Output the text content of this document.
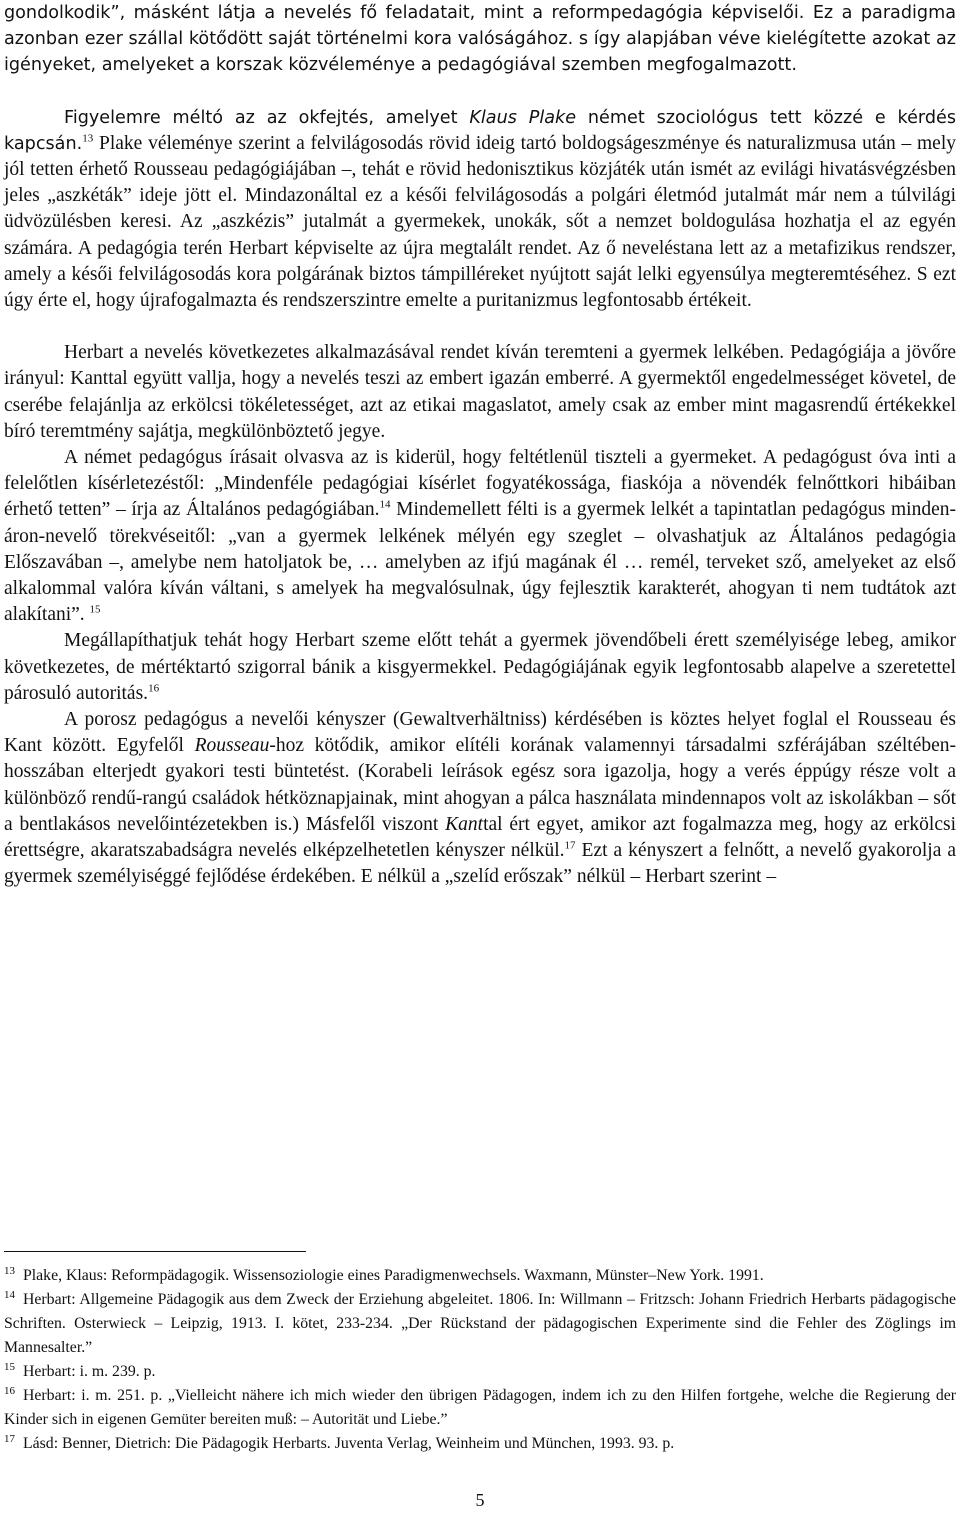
gondolkodik”, másként látja a nevelés fő feladatait, mint a reformpedagógia képviselői. Ez a paradigma azonban ezer szállal kötődött saját történelmi kora valóságához. s így alapjában véve kielégítette azokat az igényeket, amelyeket a korszak közvéleménye a pedagógiával szemben megfogalmazott.

Figyelemre méltó az az okfejtés, amelyet Klaus Plake német szociológus tett közzé e kérdés kapcsán.$^{13}$ Plake véleménye szerint a felvilágosodás rövid ideig tartó boldogságeszménye és naturalizmusa után – mely jól tetten érhető Rousseau pedagógiájában –, tehát e rövid hedonisztikus közjáték után ismét az evilági hivatásvégzésben jeles „aszkéták” ideje jött el. Mindazonáltal ez a késői felvilágosodás a polgári életmód jutalmát már nem a túlvilági üdvözülésben keresi. Az „aszkézis” jutalmát a gyermekek, unokák, sőt a nemzet boldogulása hozhatja el az egyén számára. A pedagógia terén Herbart képviselte az újra megtalált rendet. Az ő neveléstana lett az a metafizikus rendszer, amely a késői felvilágosodás kora polgárának biztos támpilléreket nyújtott saját lelki egyensúlya megteremtéséhez. S ezt úgy érte el, hogy újrafogalmazta és rendszerszintre emelte a puritanizmus legfontosabb értékeit.

Herbart a nevelés következetes alkalmazásával rendet kíván teremteni a gyermek lelkében. Pedagógiája a jövőre irányul: Kanttal együtt vallja, hogy a nevelés teszi az embert igazán emberré. A gyermektől engedelmességet követel, de cserébe felajánlja az erkölcsi tökéletességet, azt az etikai magaslatot, amely csak az ember mint magasrendű értékekkel bíró teremtmény sajátja, megkülönböztető jegye.

A német pedagógus írásait olvasva az is kiderül, hogy feltétlenül tiszteli a gyermeket. A pedagógust óva inti a felelőtlen kísérletezéstől: „Mindenféle pedagógiai kísérlet fogyatékossága, fiaskója a növendék felnőttkori hibáiban érhető tetten” – írja az Általános pedagógiában.$^{14}$ Mindemellett félti is a gyermek lelkét a tapintatlan pedagógus minden-áron-nevelő törekvéseitől: „van a gyermek lelkének mélyén egy szeglet – olvashatjuk az Általános pedagógia Előszavában –, amelybe nem hatoljatok be, … amelyben az ifjú magának él … remél, terveket sző, amelyeket az első alkalommal valóra kíván váltani, s amelyek ha megvalósulnak, úgy fejlesztik karakterét, ahogyan ti nem tudtátok azt alakítani”. $^{15}$

Megállapíthatjuk tehát hogy Herbart szeme előtt tehát a gyermek jövendőbeli érett személyisége lebeg, amikor következetes, de mértéktartó szigorral bánik a kisgyermekkel. Pedagógiájának egyik legfontosabb alapelve a szeretettel párosuló autoritás.$^{16}$

A porosz pedagógus a nevelői kényszer (Gewaltverhältniss) kérdésében is köztes helyet foglal el Rousseau és Kant között. Egyfelől Rousseau-hoz kötődik, amikor elítéli korának valamennyi társadalmi szférájában széltében-hosszában elterjedt gyakori testi büntetést. (Korabeli leírások egész sora igazolja, hogy a verés éppúgy része volt a különböző rendű-rangú családok hétköznapjainak, mint ahogyan a pálca használata mindennapos volt az iskolákban – sőt a bentlakásos nevelőintézetekben is.) Másfelől viszont Kanttal ért egyet, amikor azt fogalmazza meg, hogy az erkölcsi érettségre, akaratszabadságra nevelés elképzelhetetlen kényszer nélkül.$^{17}$ Ezt a kényszert a felnőtt, a nevelő gyakorolja a gyermek személyiséggé fejlődése érdekében. E nélkül a „szelíd erőszak” nélkül – Herbart szerint –

$^{13}$ Plake, Klaus: Reformpädagogik. Wissensoziologie eines Paradigmenwechsels. Waxmann, Münster–New York. 1991.

$^{14}$ Herbart: Allgemeine Pädagogik aus dem Zweck der Erziehung abgeleitet. 1806. In: Willmann – Fritzsch: Johann Friedrich Herbarts pädagogische Schriften. Osterwieck – Leipzig, 1913. I. kötet, 233-234. „Der Rückstand der pädagogischen Experimente sind die Fehler des Zöglings im Mannesalter.”

$^{15}$ Herbart: i. m. 239. p.

$^{16}$ Herbart: i. m. 251. p. „Vielleicht nähere ich mich wieder den übrigen Pädagogen, indem ich zu den Hilfen fortgehe, welche die Regierung der Kinder sich in eigenen Gemüter bereiten muß: – Autorität und Liebe.”

$^{17}$ Lásd: Benner, Dietrich: Die Pädagogik Herbarts. Juventa Verlag, Weinheim und München, 1993. 93. p.

5
